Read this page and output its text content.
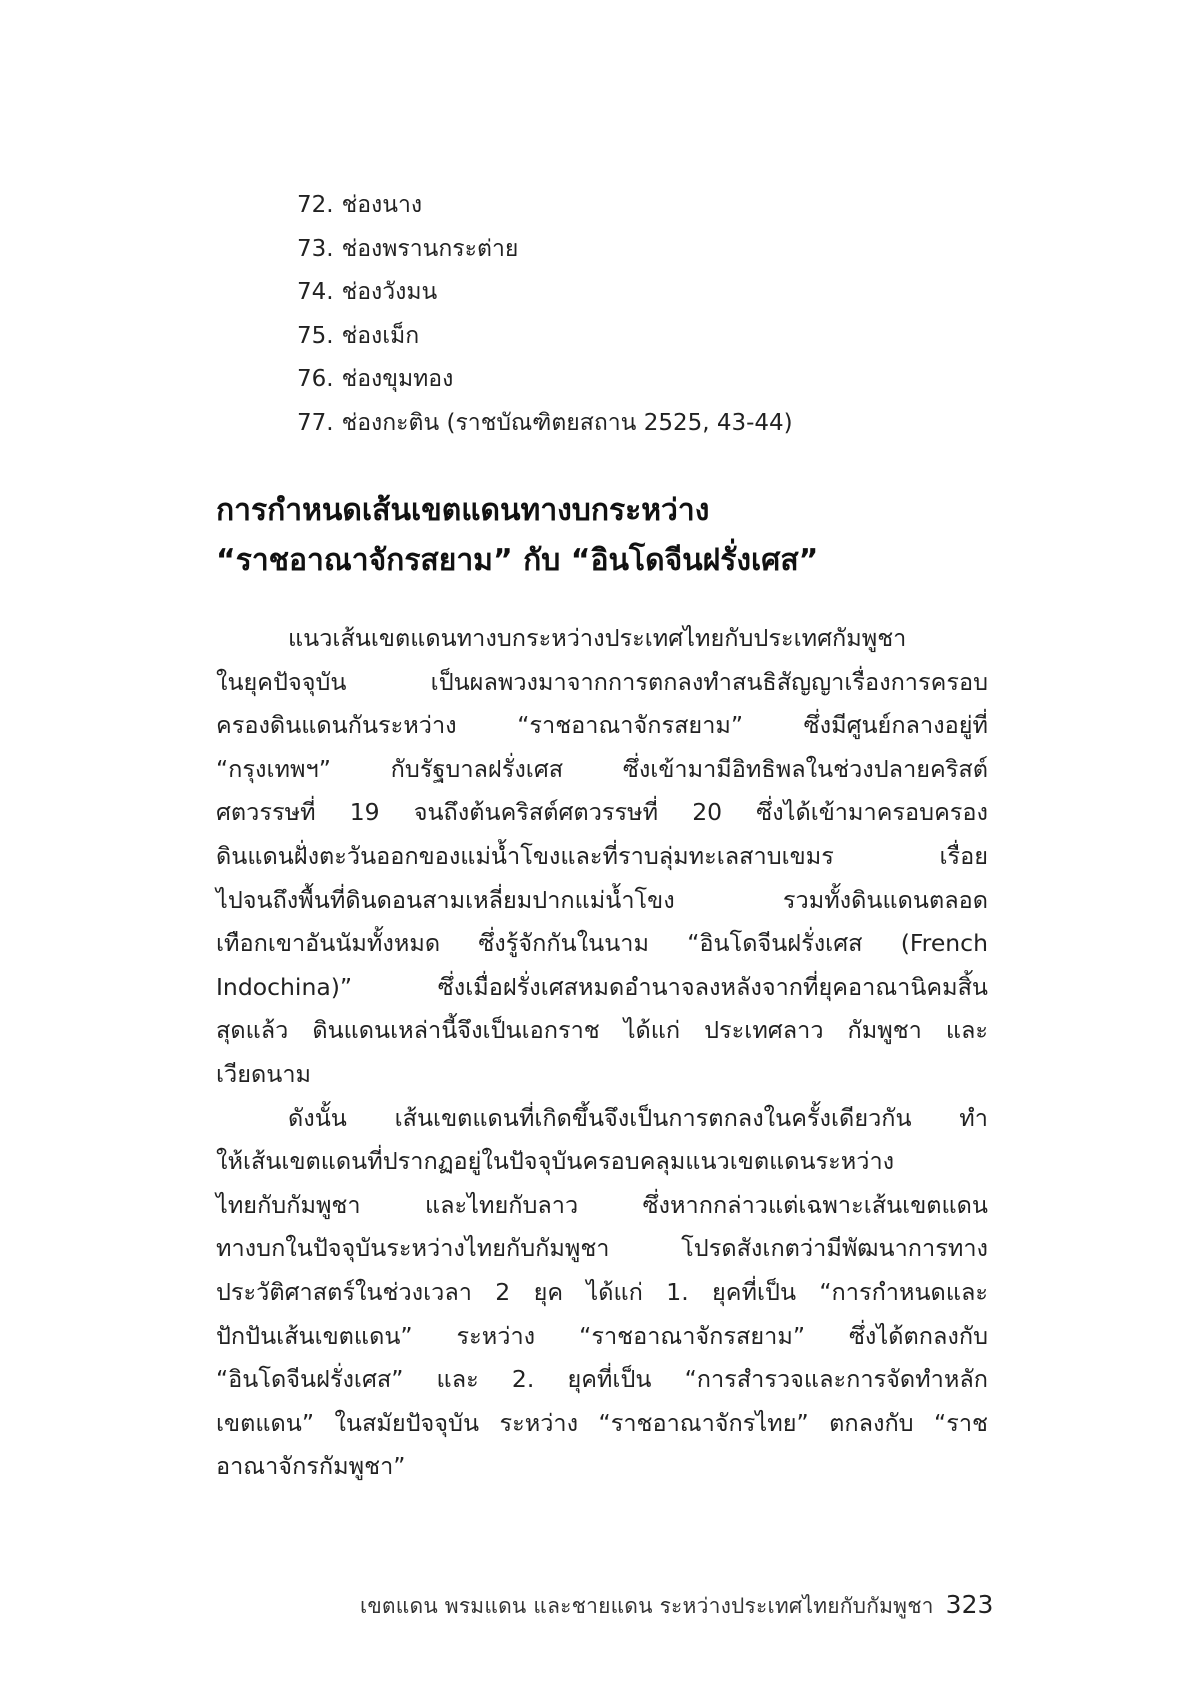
72. ช่องนาง
73. ช่องพรานกระต่าย
74. ช่องวังมน
75. ช่องเม็ก
76. ช่องขุมทอง
77. ช่องกะติน (ราชบัณฑิตยสถาน 2525, 43-44)
การกำหนดเส้นเขตแดนทางบกระหว่าง
“ราชอาณาจักรสยาม” กับ “อินโดจีนฝรั่งเศส”
แนวเส้นเขตแดนทางบกระหว่างประเทศไทยกับประเทศกัมพูชา
ในยุคปัจจุบัน เป็นผลพวงมาจากการตกลงทำสนธิสัญญาเรื่องการครอบ
ครองดินแดนกันระหว่าง “ราชอาณาจักรสยาม” ซึ่งมีศูนย์กลางอยู่ที่
“กรุงเทพฯ” กับรัฐบาลฝรั่งเศส ซึ่งเข้ามามีอิทธิพลในช่วงปลายคริสต์
ศตวรรษที่ 19 จนถึงต้นคริสต์ศตวรรษที่ 20 ซึ่งได้เข้ามาครอบครอง
ดินแดนฝั่งตะวันออกของแม่น้ำโขงและที่ราบลุ่มทะเลสาบเขมร เรื่อย
ไปจนถึงพื้นที่ดินดอนสามเหลี่ยมปากแม่น้ำโขง รวมทั้งดินแดนตลอด
เทือกเขาอันนัมทั้งหมด ซึ่งรู้จักกันในนาม “อินโดจีนฝรั่งเศส (French
Indochina)” ซึ่งเมื่อฝรั่งเศสหมดอำนาจลงหลังจากที่ยุคอาณานิคมสิ้น
สุดแล้ว ดินแดนเหล่านี้จึงเป็นเอกราช ได้แก่ ประเทศลาว กัมพูชา และ
เวียดนาม
ดังนั้น เส้นเขตแดนที่เกิดขึ้นจึงเป็นการตกลงในครั้งเดียวกัน ทำ
ให้เส้นเขตแดนที่ปรากฏอยู่ในปัจจุบันครอบคลุมแนวเขตแดนระหว่าง
ไทยกับกัมพูชา และไทยกับลาว ซึ่งหากกล่าวแต่เฉพาะเส้นเขตแดน
ทางบกในปัจจุบันระหว่างไทยกับกัมพูชา โปรดสังเกตว่ามีพัฒนาการทาง
ประวัติศาสตร์ในช่วงเวลา 2 ยุค ได้แก่ 1. ยุคที่เป็น “การกำหนดและ
ปักปันเส้นเขตแดน” ระหว่าง “ราชอาณาจักรสยาม” ซึ่งได้ตกลงกับ
“อินโดจีนฝรั่งเศส” และ 2. ยุคที่เป็น “การสำรวจและการจัดทำหลัก
เขตแดน” ในสมัยปัจจุบัน ระหว่าง “ราชอาณาจักรไทย” ตกลงกับ “ราช
อาณาจักรกัมพูชา”
เขตแดน พรมแดน และชายแดน ระหว่างประเทศไทยกับกัมพูชา 323
